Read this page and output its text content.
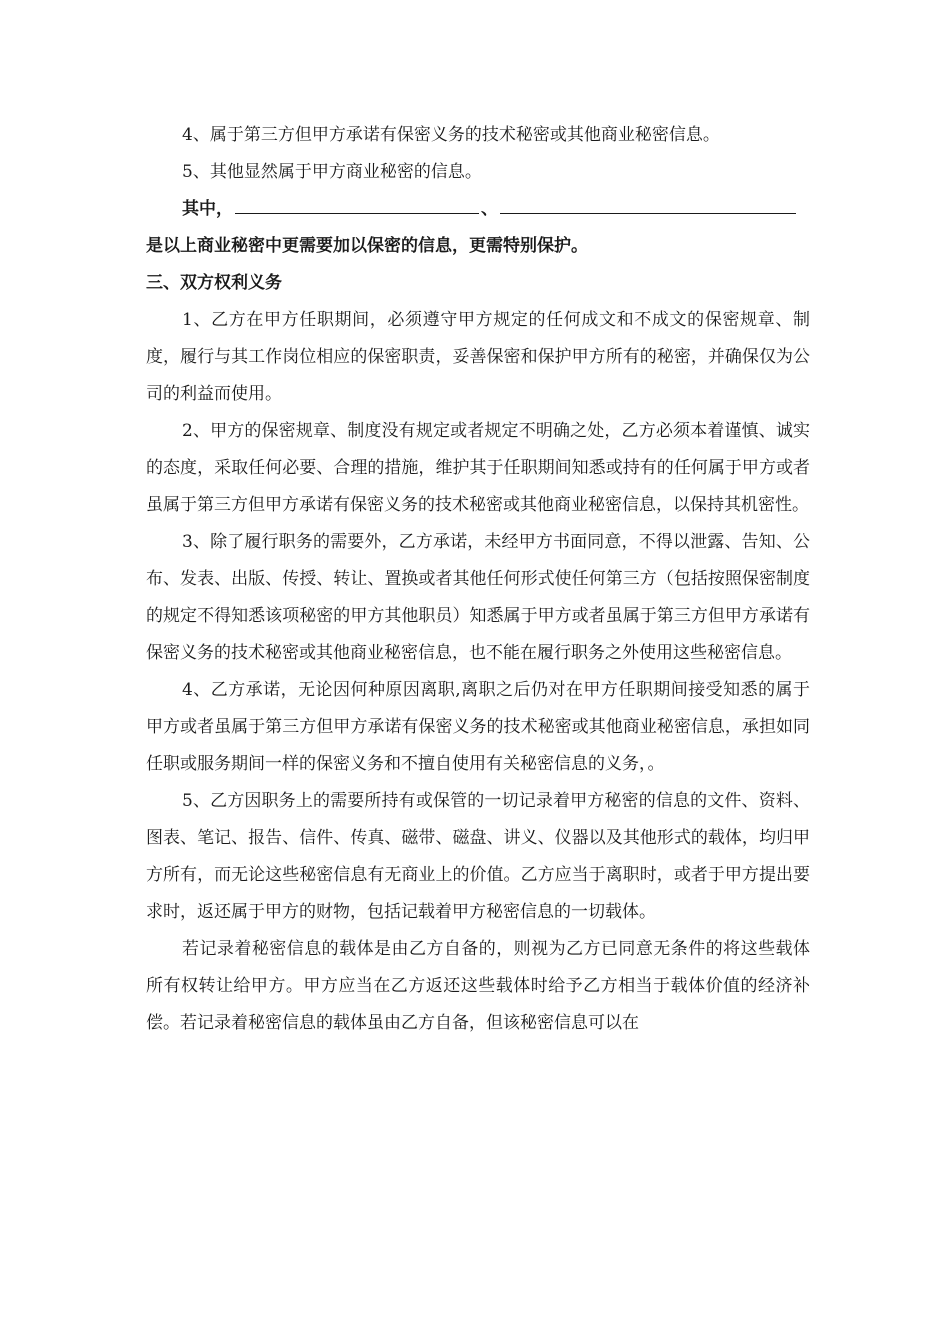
4、属于第三方但甲方承诺有保密义务的技术秘密或其他商业秘密信息。

5、其他显然属于甲方商业秘密的信息。

其中，	、

是以上商业秘密中更需要加以保密的信息，更需特别保护。

三、双方权利义务

1、乙方在甲方任职期间，必须遵守甲方规定的任何成文和不成文的保密规章、制度，履行与其工作岗位相应的保密职责，妥善保密和保护甲方所有的秘密，并确保仅为公司的利益而使用。

2、甲方的保密规章、制度没有规定或者规定不明确之处，乙方必须本着谨慎、诚实的态度，采取任何必要、合理的措施，维护其于任职期间知悉或持有的任何属于甲方或者虽属于第三方但甲方承诺有保密义务的技术秘密或其他商业秘密信息，以保持其机密性。

3、除了履行职务的需要外，乙方承诺，未经甲方书面同意，不得以泄露、告知、公布、发表、出版、传授、转让、置换或者其他任何形式使任何第三方（包括按照保密制度的规定不得知悉该项秘密的甲方其他职员）知悉属于甲方或者虽属于第三方但甲方承诺有保密义务的技术秘密或其他商业秘密信息，也不能在履行职务之外使用这些秘密信息。

4、乙方承诺，无论因何种原因离职,离职之后仍对在甲方任职期间接受知悉的属于甲方或者虽属于第三方但甲方承诺有保密义务的技术秘密或其他商业秘密信息，承担如同任职或服务期间一样的保密义务和不擅自使用有关秘密信息的义务，。

5、乙方因职务上的需要所持有或保管的一切记录着甲方秘密的信息的文件、资料、图表、笔记、报告、信件、传真、磁带、磁盘、讲义、仪器以及其他形式的载体，均归甲方所有，而无论这些秘密信息有无商业上的价值。乙方应当于离职时，或者于甲方提出要求时，返还属于甲方的财物，包括记载着甲方秘密信息的一切载体。

若记录着秘密信息的载体是由乙方自备的，则视为乙方已同意无条件的将这些载体所有权转让给甲方。甲方应当在乙方返还这些载体时给予乙方相当于载体价值的经济补偿。若记录着秘密信息的载体虽由乙方自备，但该秘密信息可以在
